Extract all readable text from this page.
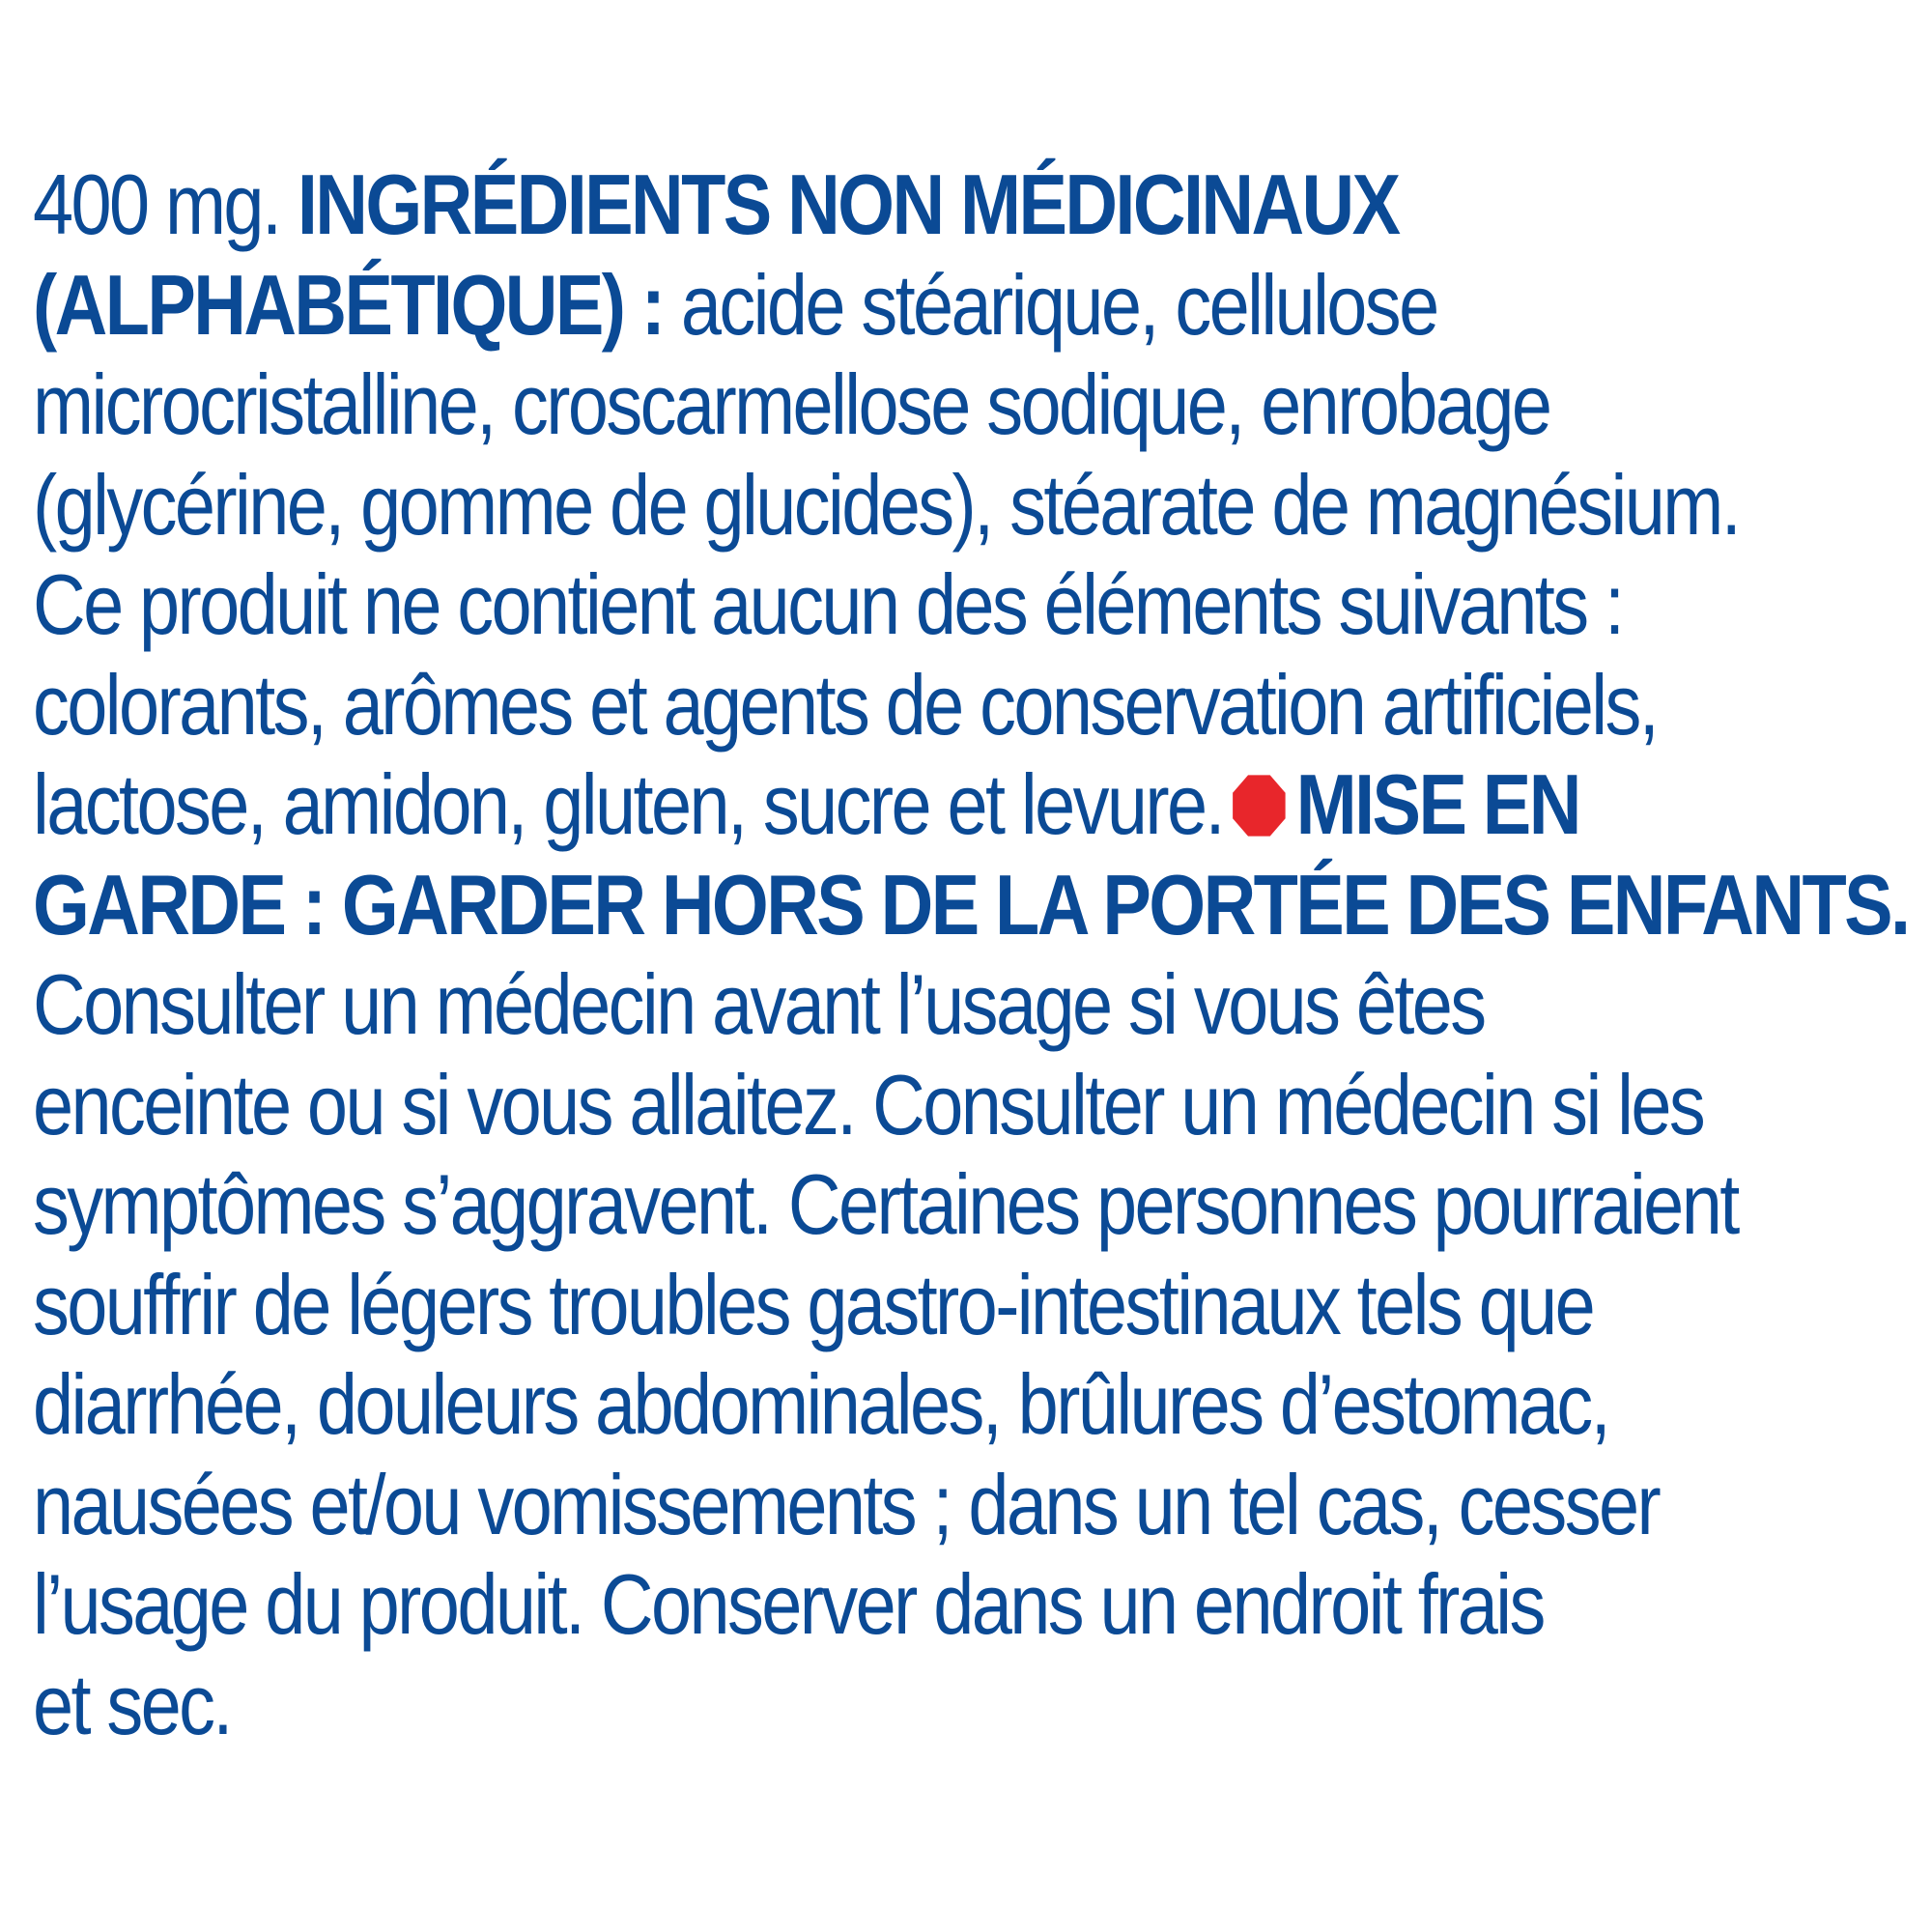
400 mg. INGRÉDIENTS NON MÉDICINAUX
(ALPHABÉTIQUE) : acide stéarique, cellulose
microcristalline, croscarmellose sodique, enrobage
(glycérine, gomme de glucides), stéarate de magnésium.
Ce produit ne contient aucun des éléments suivants :
colorants, arômes et agents de conservation artificiels,
lactose, amidon, gluten, sucre et levure. MISE EN
GARDE : GARDER HORS DE LA PORTÉE DES ENFANTS.
Consulter un médecin avant l’usage si vous êtes
enceinte ou si vous allaitez. Consulter un médecin si les
symptômes s’aggravent. Certaines personnes pourraient
souffrir de légers troubles gastro-intestinaux tels que
diarrhée, douleurs abdominales, brûlures d’estomac,
nausées et/ou vomissements ; dans un tel cas, cesser
l’usage du produit. Conserver dans un endroit frais
et sec.
